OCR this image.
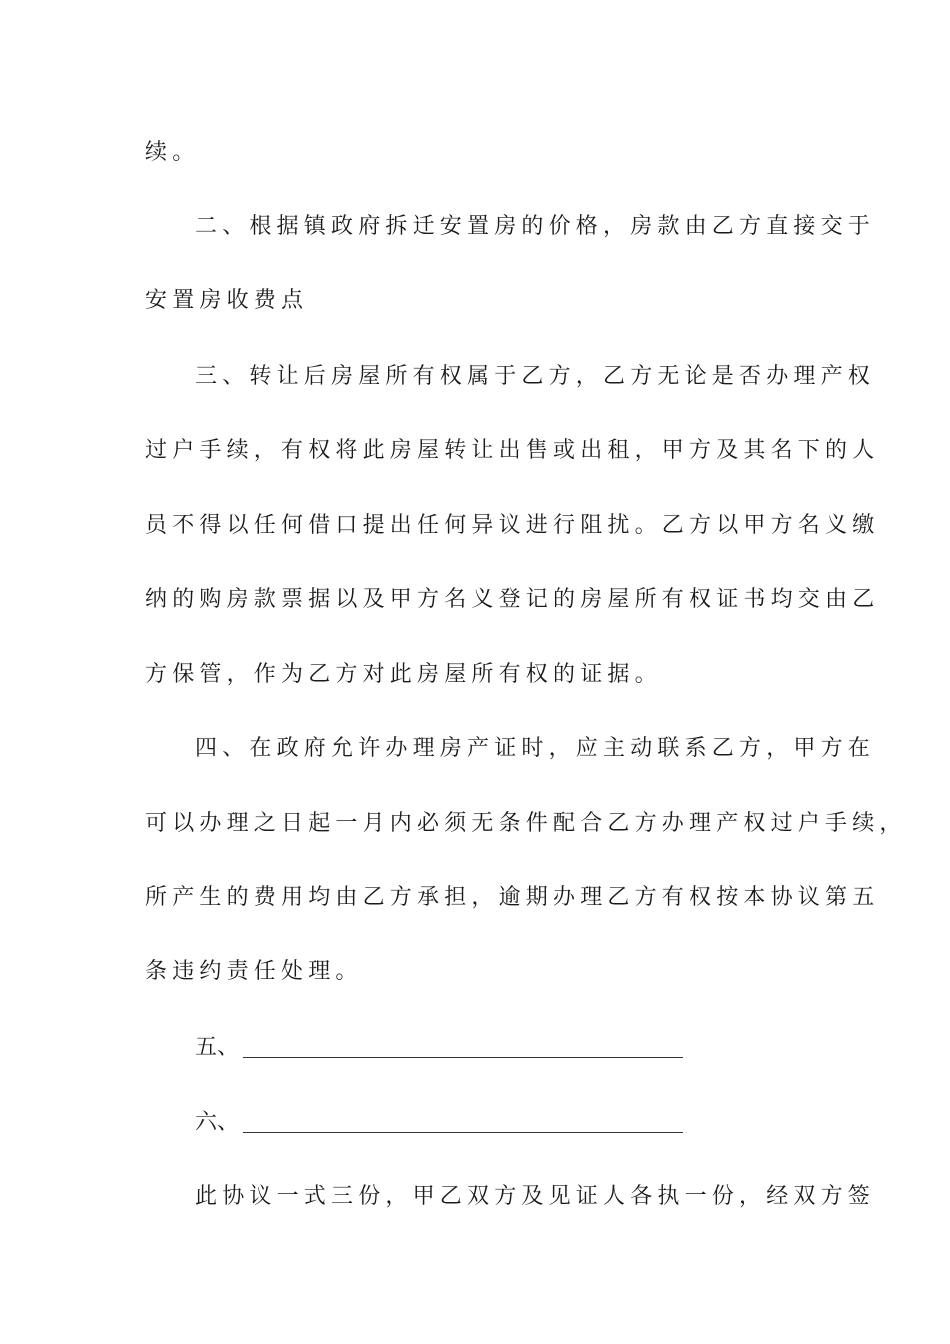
续。
二、根据镇政府拆迁安置房的价格，房款由乙方直接交于
安置房收费点
三、转让后房屋所有权属于乙方，乙方无论是否办理产权
过户手续，有权将此房屋转让出售或出租，甲方及其名下的人
员不得以任何借口提出任何异议进行阻扰。乙方以甲方名义缴
纳的购房款票据以及甲方名义登记的房屋所有权证书均交由乙
方保管，作为乙方对此房屋所有权的证据。
四、在政府允许办理房产证时，应主动联系乙方，甲方在
可以办理之日起一月内必须无条件配合乙方办理产权过户手续，
所产生的费用均由乙方承担，逾期办理乙方有权按本协议第五
条违约责任处理。
五、
六、
此协议一式三份，甲乙双方及见证人各执一份，经双方签
